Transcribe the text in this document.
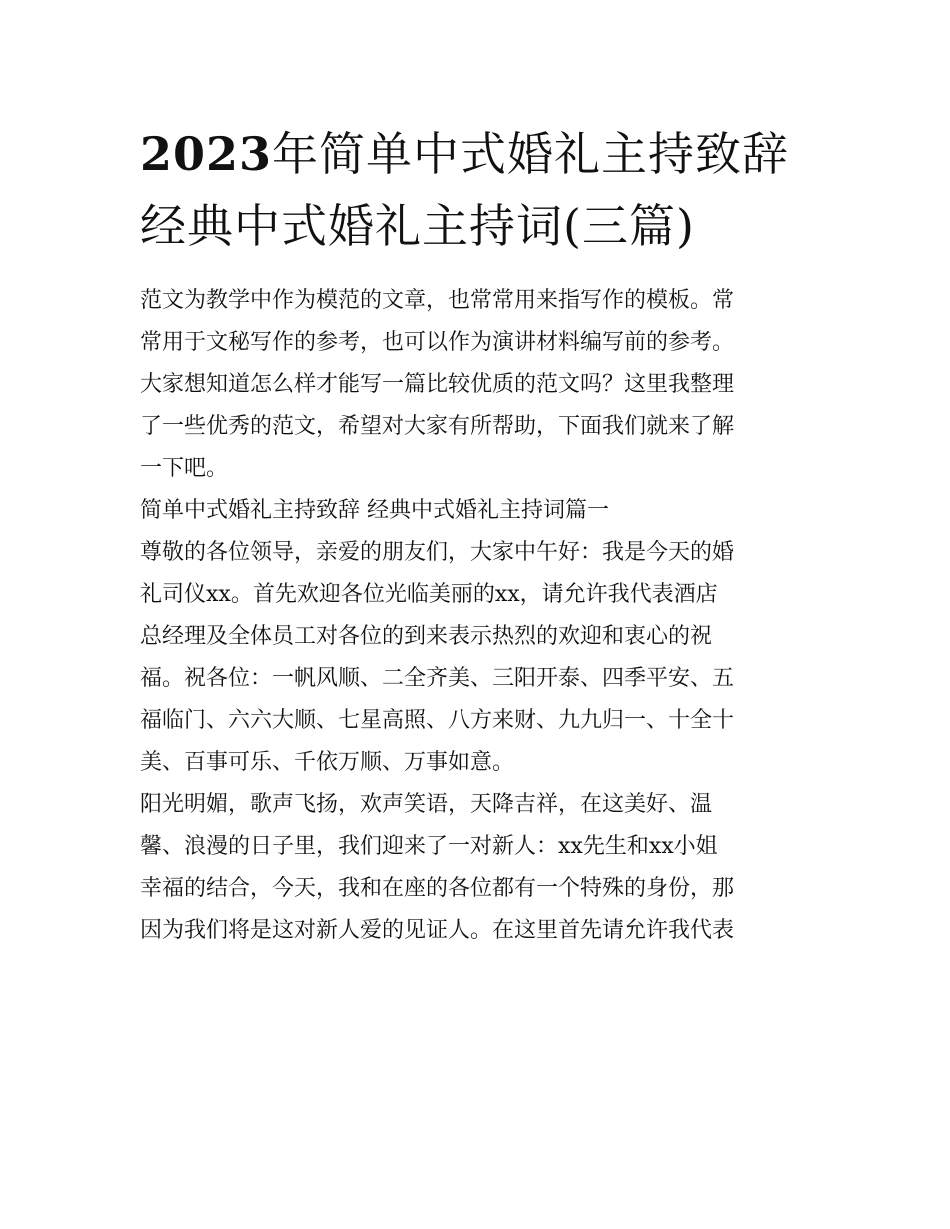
2023年简单中式婚礼主持致辞
经典中式婚礼主持词(三篇)

范文为教学中作为模范的文章，也常常用来指写作的模板。常

常用于文秘写作的参考，也可以作为演讲材料编写前的参考。

大家想知道怎么样才能写一篇比较优质的范文吗？这里我整理

了一些优秀的范文，希望对大家有所帮助，下面我们就来了解

一下吧。

简单中式婚礼主持致辞 经典中式婚礼主持词篇一

尊敬的各位领导，亲爱的朋友们，大家中午好：我是今天的婚

礼司仪xx。首先欢迎各位光临美丽的xx，请允许我代表酒店

总经理及全体员工对各位的到来表示热烈的欢迎和衷心的祝

福。祝各位：一帆风顺、二全齐美、三阳开泰、四季平安、五

福临门、六六大顺、七星高照、八方来财、九九归一、十全十

美、百事可乐、千依万顺、万事如意。

阳光明媚，歌声飞扬，欢声笑语，天降吉祥，在这美好、温

馨、浪漫的日子里，我们迎来了一对新人：xx先生和xx小姐

幸福的结合，今天，我和在座的各位都有一个特殊的身份，那

因为我们将是这对新人爱的见证人。在这里首先请允许我代表
